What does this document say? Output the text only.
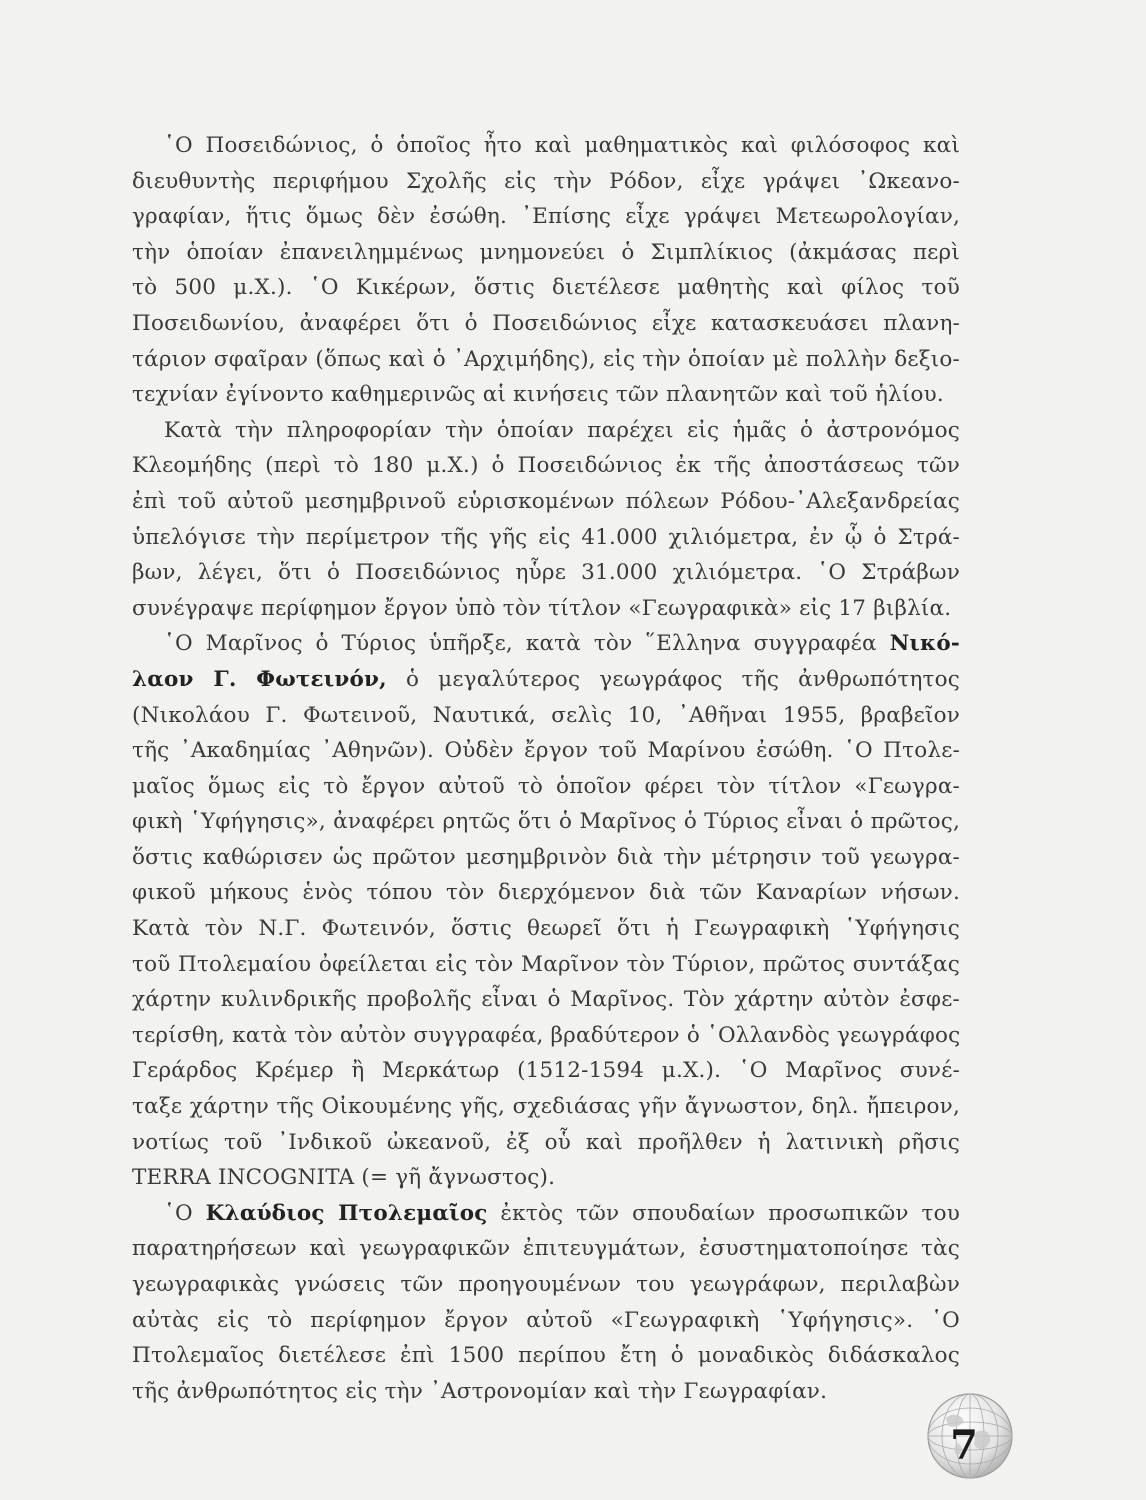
῾Ο Ποσειδώνιος, ὁ ὁποῖος ἦτο καὶ μαθηματικὸς καὶ φιλόσοφος καὶ
διευθυντὴς περιφήμου Σχολῆς εἰς τὴν Ρόδον, εἶχε γράψει ᾽Ωκεανο-
γραφίαν, ἥτις ὅμως δὲν ἐσώθη. ᾽Επίσης εἶχε γράψει Μετεωρολογίαν,
τὴν ὁποίαν ἐπανειλημμένως μνημονεύει ὁ Σιμπλίκιος (ἀκμάσας περὶ
τὸ 500 μ.Χ.). ῾Ο Κικέρων, ὅστις διετέλεσε μαθητὴς καὶ φίλος τοῦ
Ποσειδωνίου, ἀναφέρει ὅτι ὁ Ποσειδώνιος εἶχε κατασκευάσει πλανη-
τάριον σφαῖραν (ὅπως καὶ ὁ ᾽Αρχιμήδης), εἰς τὴν ὁποίαν μὲ πολλὴν δεξιο-
τεχνίαν ἐγίνοντο καθημερινῶς αἱ κινήσεις τῶν πλανητῶν καὶ τοῦ ἡλίου.
Κατὰ τὴν πληροφορίαν τὴν ὁποίαν παρέχει εἰς ἡμᾶς ὁ ἀστρονόμος
Κλεομήδης (περὶ τὸ 180 μ.Χ.) ὁ Ποσειδώνιος ἐκ τῆς ἀποστάσεως τῶν
ἐπὶ τοῦ αὐτοῦ μεσημβρινοῦ εὑρισκομένων πόλεων Ρόδου-᾽Αλεξανδρείας
ὑπελόγισε τὴν περίμετρον τῆς γῆς εἰς 41.000 χιλιόμετρα, ἐν ᾧ ὁ Στρά-
βων, λέγει, ὅτι ὁ Ποσειδώνιος ηὗρε 31.000 χιλιόμετρα. ῾Ο Στράβων
συνέγραψε περίφημον ἔργον ὑπὸ τὸν τίτλον «Γεωγραφικὰ» εἰς 17 βιβλία.
῾Ο Μαρῖνος ὁ Τύριος ὑπῆρξε, κατὰ τὸν ῞Ελληνα συγγραφέα Νικό-
λαον Γ. Φωτεινόν, ὁ μεγαλύτερος γεωγράφος τῆς ἀνθρωπότητος
(Νικολάου Γ. Φωτεινοῦ, Ναυτικά, σελὶς 10, ᾽Αθῆναι 1955, βραβεῖον
τῆς ᾽Ακαδημίας ᾽Αθηνῶν). Οὐδὲν ἔργον τοῦ Μαρίνου ἐσώθη. ῾Ο Πτολε-
μαῖος ὅμως εἰς τὸ ἔργον αὐτοῦ τὸ ὁποῖον φέρει τὸν τίτλον «Γεωγρα-
φικὴ ῾Υφήγησις», ἀναφέρει ρητῶς ὅτι ὁ Μαρῖνος ὁ Τύριος εἶναι ὁ πρῶτος,
ὅστις καθώρισεν ὡς πρῶτον μεσημβρινὸν διὰ τὴν μέτρησιν τοῦ γεωγρα-
φικοῦ μήκους ἑνὸς τόπου τὸν διερχόμενον διὰ τῶν Καναρίων νήσων.
Κατὰ τὸν Ν.Γ. Φωτεινόν, ὅστις θεωρεῖ ὅτι ἡ Γεωγραφικὴ ῾Υφήγησις
τοῦ Πτολεμαίου ὀφείλεται εἰς τὸν Μαρῖνον τὸν Τύριον, πρῶτος συντάξας
χάρτην κυλινδρικῆς προβολῆς εἶναι ὁ Μαρῖνος. Τὸν χάρτην αὐτὸν ἐσφε-
τερίσθη, κατὰ τὸν αὐτὸν συγγραφέα, βραδύτερον ὁ ῾Ολλανδὸς γεωγράφος
Γεράρδος Κρέμερ ἢ Μερκάτωρ (1512-1594 μ.Χ.). ῾Ο Μαρῖνος συνέ-
ταξε χάρτην τῆς Οἰκουμένης γῆς, σχεδιάσας γῆν ἄγνωστον, δηλ. ἤπειρον,
νοτίως τοῦ ᾽Ινδικοῦ ὠκεανοῦ, ἐξ οὗ καὶ προῆλθεν ἡ λατινικὴ ρῆσις
TERRA INCOGNITA (= γῆ ἄγνωστος).
῾Ο Κλαύδιος Πτολεμαῖος ἐκτὸς τῶν σπουδαίων προσωπικῶν του
παρατηρήσεων καὶ γεωγραφικῶν ἐπιτευγμάτων, ἐσυστηματοποίησε τὰς
γεωγραφικὰς γνώσεις τῶν προηγουμένων του γεωγράφων, περιλαβὼν
αὐτὰς εἰς τὸ περίφημον ἔργον αὐτοῦ «Γεωγραφικὴ ῾Υφήγησις». ῾Ο
Πτολεμαῖος διετέλεσε ἐπὶ 1500 περίπου ἔτη ὁ μοναδικὸς διδάσκαλος
τῆς ἀνθρωπότητος εἰς τὴν ᾽Αστρονομίαν καὶ τὴν Γεωγραφίαν.
7
